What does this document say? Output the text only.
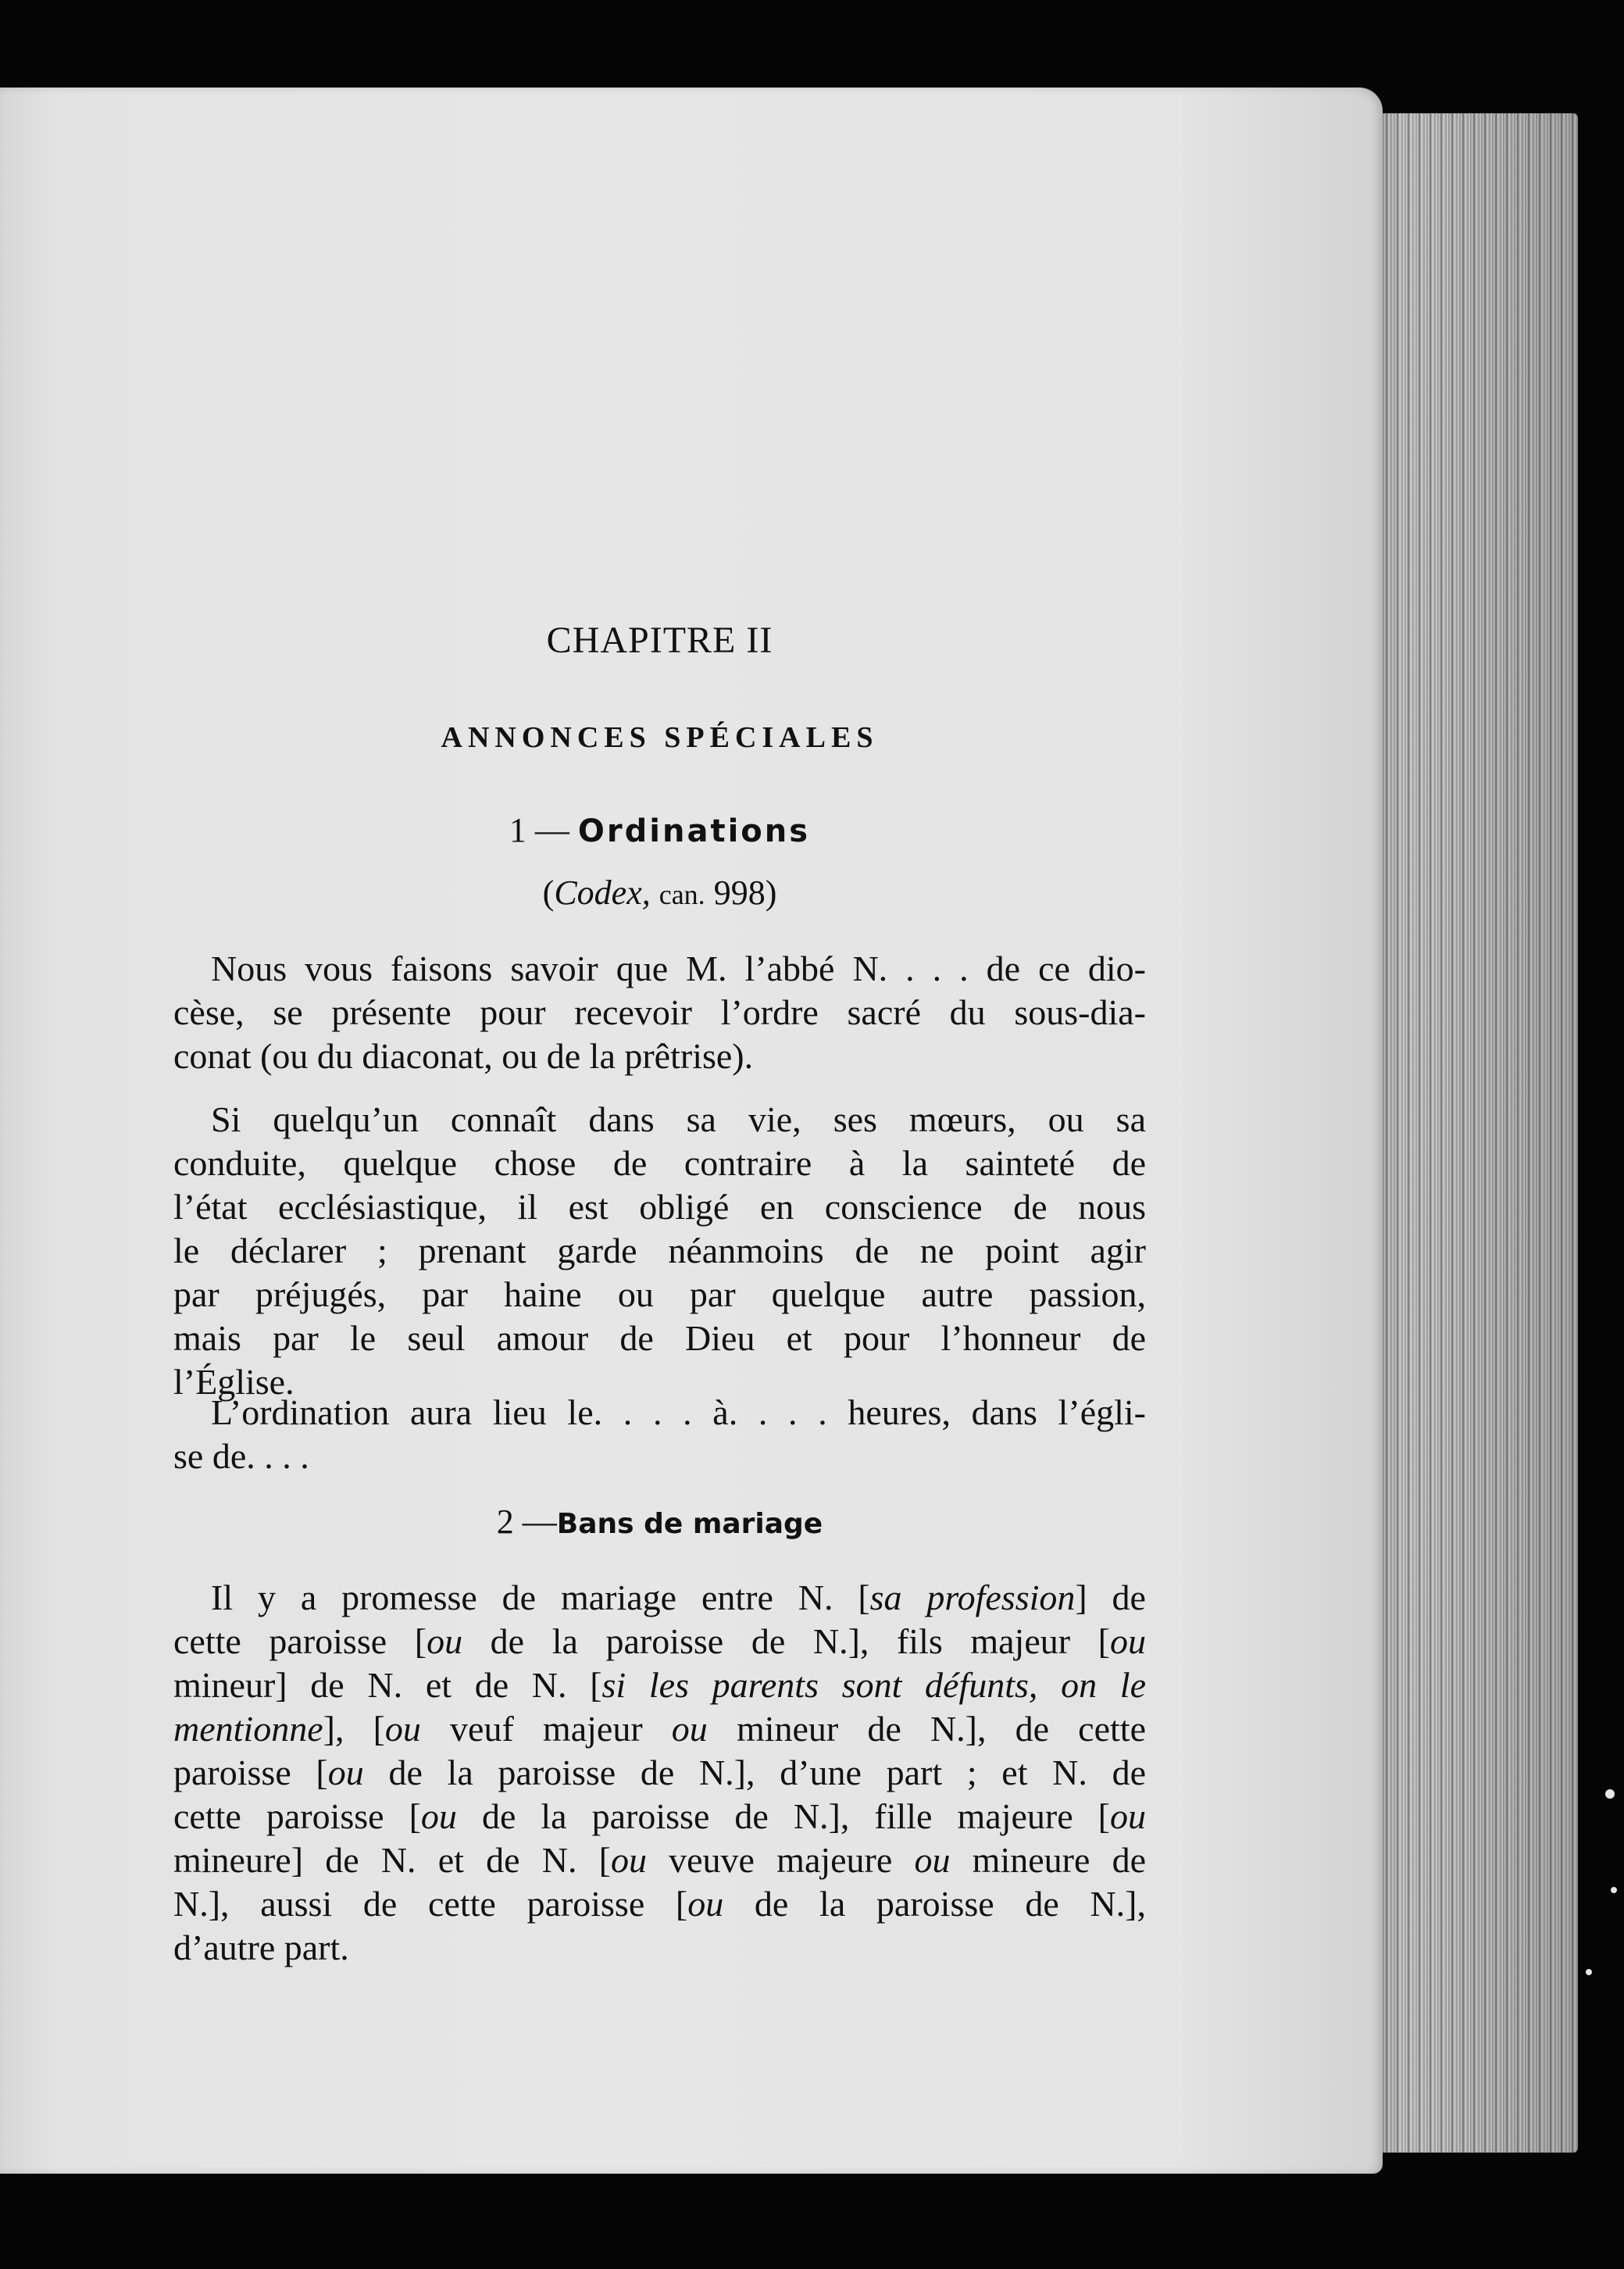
CHAPITRE II
ANNONCES SPÉCIALES
1 — Ordinations

(Codex, can. 998)

Nous vous faisons savoir que M. l’abbé N. . . . de ce dio-
cèse, se présente pour recevoir l’ordre sacré du sous-dia-
conat (ou du diaconat, ou de la prêtrise).
Si quelqu’un connaît dans sa vie, ses mœurs, ou sa
conduite, quelque chose de contraire à la sainteté de
l’état ecclésiastique, il est obligé en conscience de nous
le déclarer ; prenant garde néanmoins de ne point agir
par préjugés, par haine ou par quelque autre passion,
mais par le seul amour de Dieu et pour l’honneur de
l’Église.
L’ordination aura lieu le. . . . à. . . . heures, dans l’égli-
se de. . . .
2 —Bans de mariage
Il y a promesse de mariage entre N. [sa profession] de
cette paroisse [ou de la paroisse de N.], fils majeur [ou
mineur] de N. et de N. [si les parents sont défunts, on le
mentionne], [ou veuf majeur ou mineur de N.], de cette
paroisse [ou de la paroisse de N.], d’une part ; et N. de
cette paroisse [ou de la paroisse de N.], fille majeure [ou
mineure] de N. et de N. [ou veuve majeure ou mineure de
N.], aussi de cette paroisse [ou de la paroisse de N.],
d’autre part.
